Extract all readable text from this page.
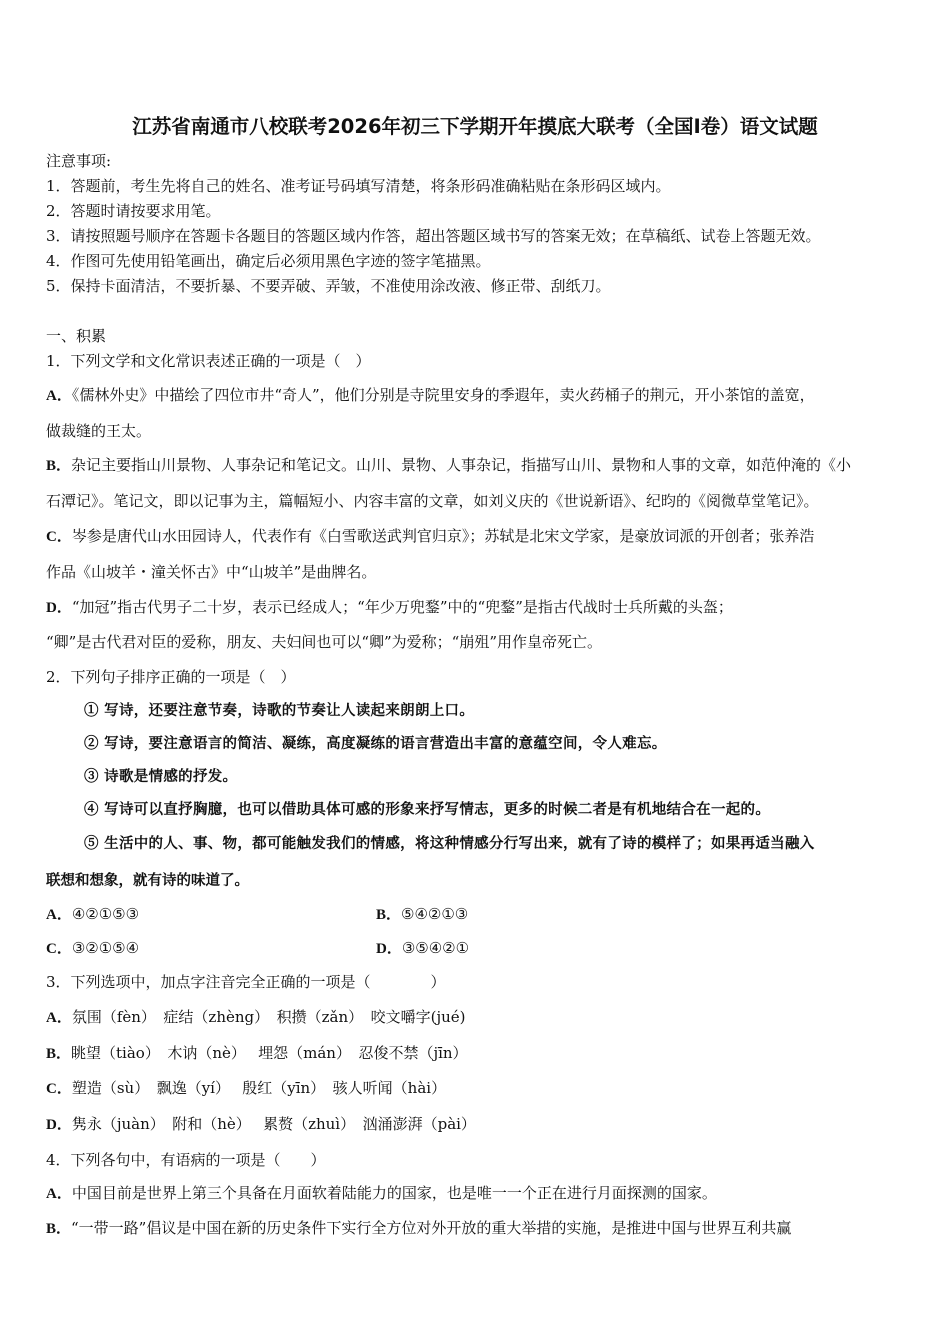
江苏省南通市八校联考2026年初三下学期开年摸底大联考（全国I卷）语文试题
注意事项:
1．答题前，考生先将自己的姓名、准考证号码填写清楚，将条形码准确粘贴在条形码区域内。
2．答题时请按要求用笔。
3．请按照题号顺序在答题卡各题目的答题区域内作答，超出答题区域书写的答案无效；在草稿纸、试卷上答题无效。
4．作图可先使用铅笔画出，确定后必须用黑色字迹的签字笔描黑。
5．保持卡面清洁，不要折暴、不要弄破、弄皱，不准使用涂改液、修正带、刮纸刀。
一、积累
1．下列文学和文化常识表述正确的一项是（　）
A．《儒林外史》中描绘了四位市井“奇人”，他们分别是寺院里安身的季遐年，卖火药桶子的荆元，开小茶馆的盖宽，
做裁缝的王太。
B．杂记主要指山川景物、人事杂记和笔记文。山川、景物、人事杂记，指描写山川、景物和人事的文章，如范仲淹的《小
石潭记》。笔记文，即以记事为主，篇幅短小、内容丰富的文章，如刘义庆的《世说新语》、纪昀的《阅微草堂笔记》。
C．岑参是唐代山水田园诗人，代表作有《白雪歌送武判官归京》；苏轼是北宋文学家，是豪放词派的开创者；张养浩
作品《山坡羊・潼关怀古》中“山坡羊”是曲牌名。
D．“加冠”指古代男子二十岁，表示已经成人；“年少万兜鍪”中的“兜鍪”是指古代战时士兵所戴的头盔；
“卿”是古代君对臣的爱称，朋友、夫妇间也可以“卿”为爱称；“崩殂”用作皇帝死亡。
2．下列句子排序正确的一项是（　）
① 写诗，还要注意节奏，诗歌的节奏让人读起来朗朗上口。
② 写诗，要注意语言的简洁、凝练，高度凝练的语言营造出丰富的意蕴空间，令人难忘。
③ 诗歌是情感的抒发。
④ 写诗可以直抒胸臆，也可以借助具体可感的形象来抒写情志，更多的时候二者是有机地结合在一起的。
⑤ 生活中的人、事、物，都可能触发我们的情感，将这种情感分行写出来，就有了诗的模样了；如果再适当融入
联想和想象，就有诗的味道了。
A．④②①⑤③	B．⑤④②①③
C．③②①⑤④	D．③⑤④②①
3．下列选项中，加点字注音完全正确的一项是（　　　　）
A．氛围（fèn）　症结（zhèng）　积攒（zǎn）　咬文嚼字(jué)
B．眺望（tiào）　木讷（nè）　 埋怨（mán）　忍俊不禁（jīn）
C．塑造（sù）　飘逸（yí）　 殷红（yīn）　骇人听闻（hài）
D．隽永（juàn）　附和（hè）　 累赘（zhuì）　汹涌澎湃（pài）
4．下列各句中，有语病的一项是（　　）
A．中国目前是世界上第三个具备在月面软着陆能力的国家，也是唯一一个正在进行月面探测的国家。
B．“一带一路”倡议是中国在新的历史条件下实行全方位对外开放的重大举措的实施，是推进中国与世界互利共赢
